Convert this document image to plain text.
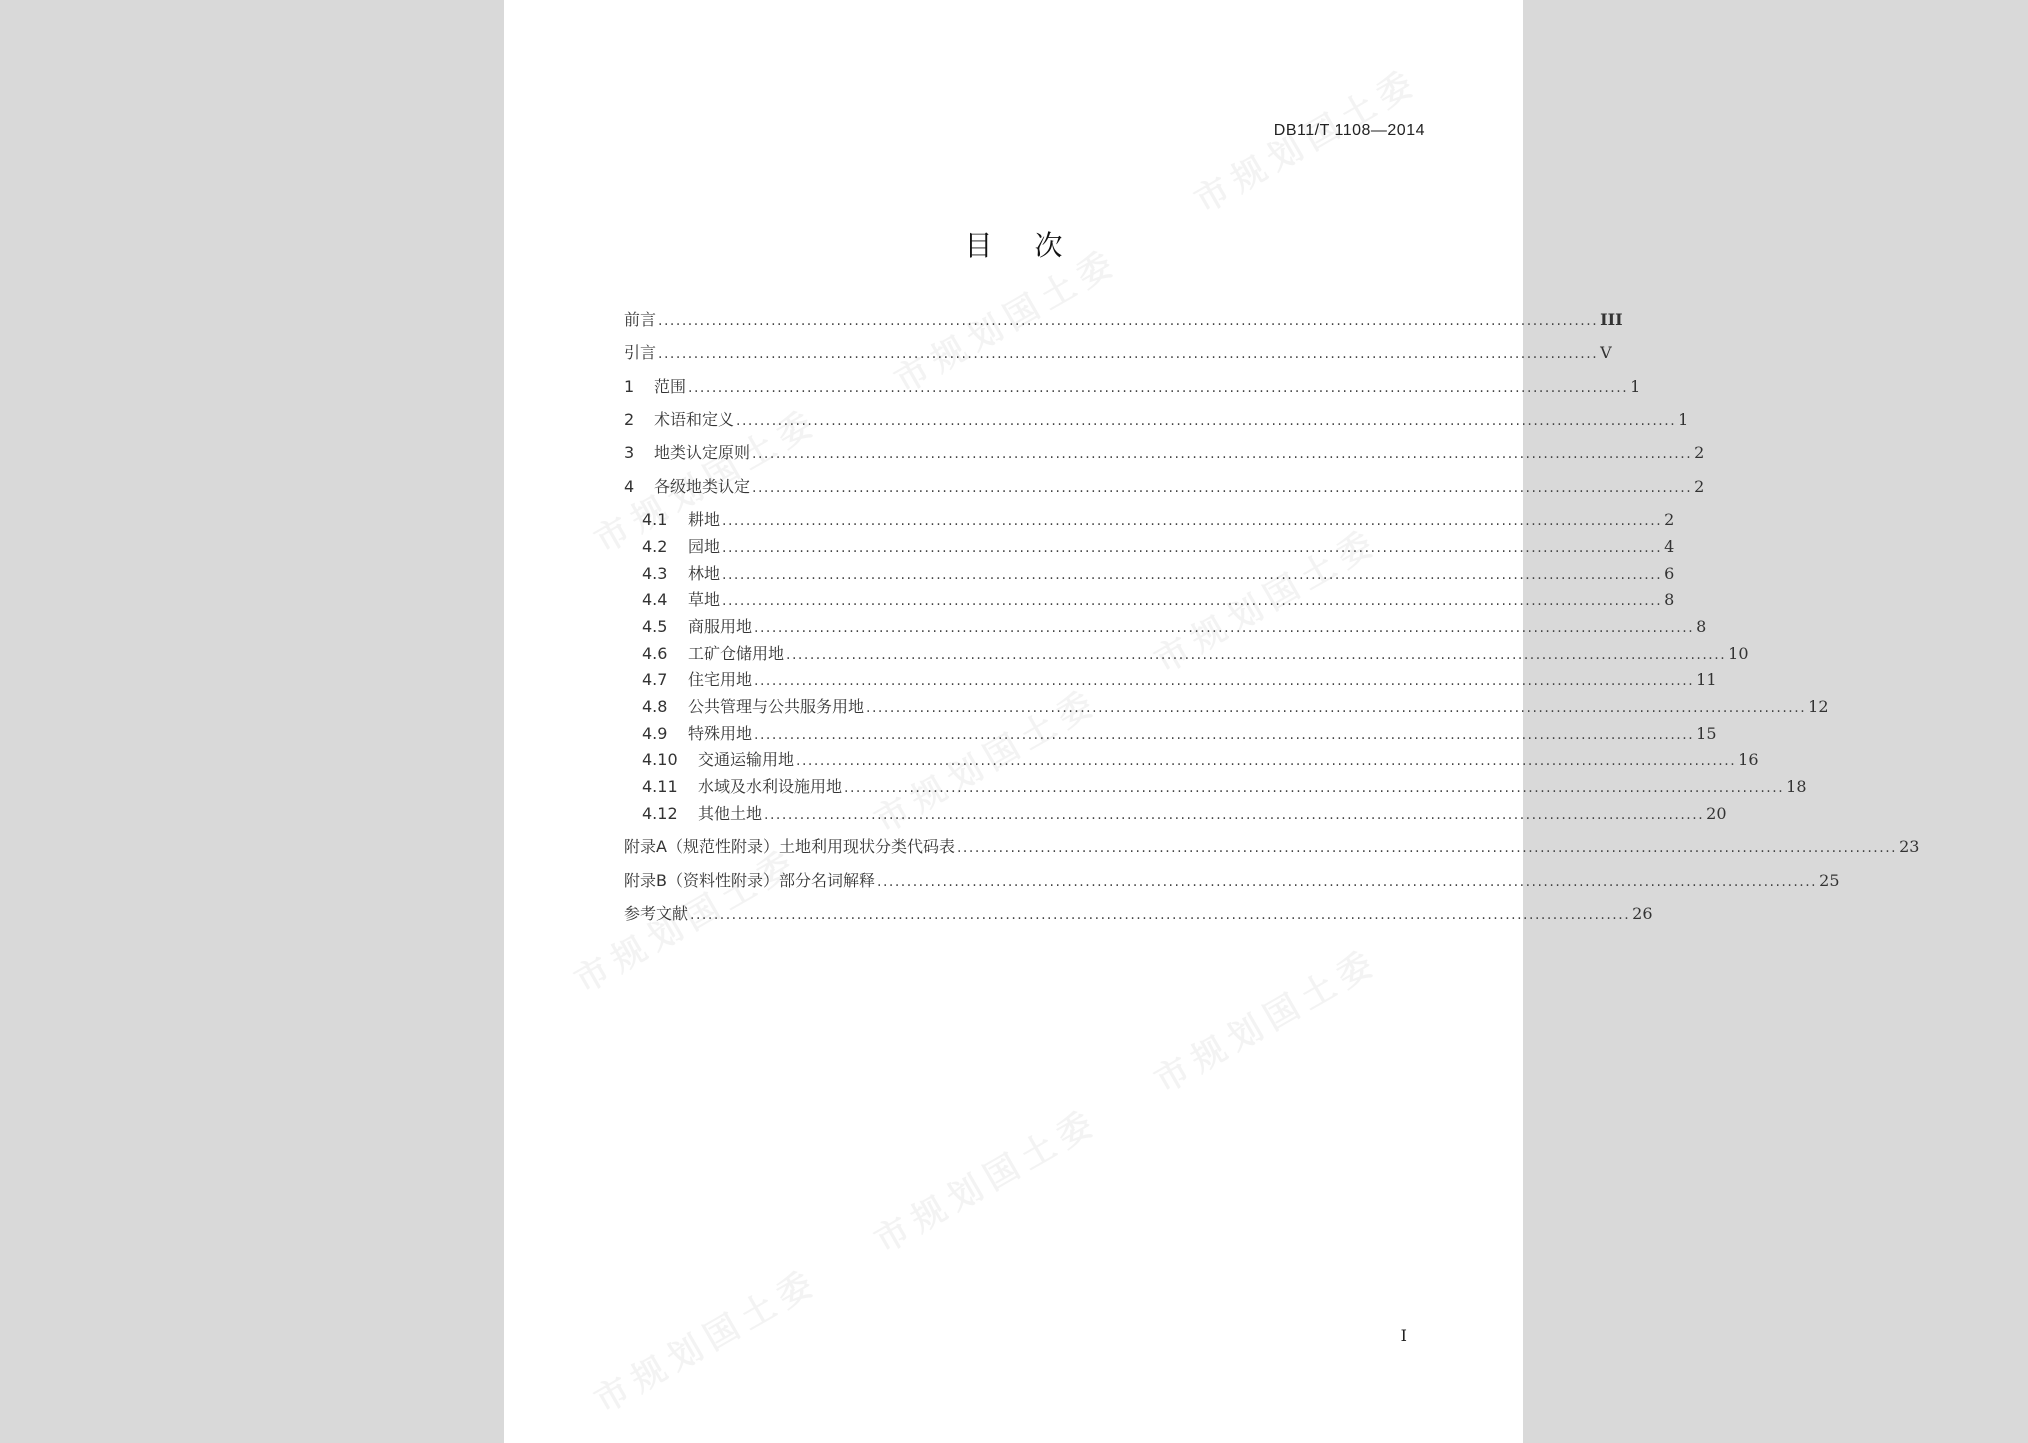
DB11/T 1108—2014
目次
前言 .............................................................................................................................................................. III
引言 .............................................................................................................................................................. V
1	范围 .............................................................................................................................................................. 1
2	术语和定义 .............................................................................................................................................................. 1
3	地类认定原则 .............................................................................................................................................................. 2
4	各级地类认定 .............................................................................................................................................................. 2
4.1	耕地 .............................................................................................................................................................. 2
4.2	园地 .............................................................................................................................................................. 4
4.3	林地 .............................................................................................................................................................. 6
4.4	草地 .............................................................................................................................................................. 8
4.5	商服用地 .............................................................................................................................................................. 8
4.6	工矿仓储用地 .............................................................................................................................................................. 10
4.7	住宅用地 .............................................................................................................................................................. 11
4.8	公共管理与公共服务用地 .............................................................................................................................................................. 12
4.9	特殊用地 .............................................................................................................................................................. 15
4.10	交通运输用地 .............................................................................................................................................................. 16
4.11	水域及水利设施用地 .............................................................................................................................................................. 18
4.12	其他土地 .............................................................................................................................................................. 20
附录A（规范性附录） 土地利用现状分类代码表 .............................................................................................................................................................. 23
附录B（资料性附录） 部分名词解释 .............................................................................................................................................................. 25
参考文献 .............................................................................................................................................................. 26
I
